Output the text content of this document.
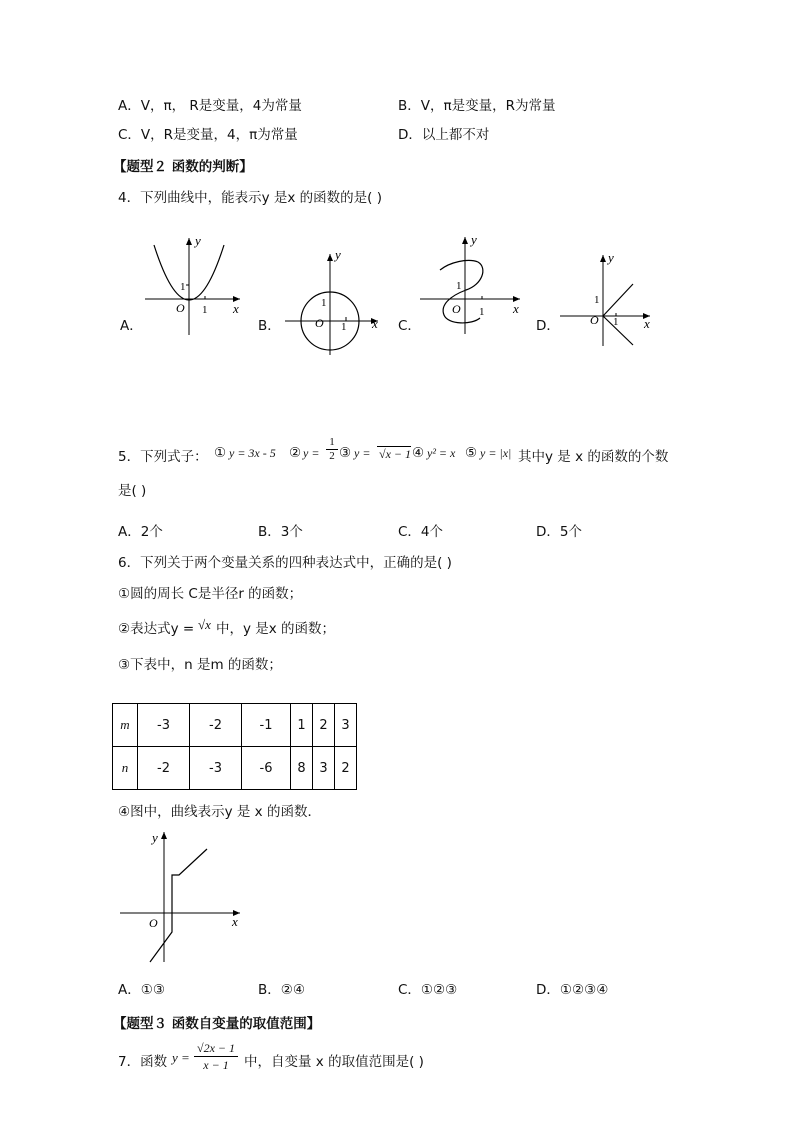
A．V，π， R是变量，4为常量	B．V，π是变量，R为常量
C．V，R是变量，4，π为常量	D．以上都不对
【题型２ 函数的判断】
4．下列曲线中，能表示y 是x 的函数的是( )
y
x
O
1
1
y
x
O
1
1
y
x
O
1
1
y
x
O
1
1
A．	B．	C．	D．
5．下列式子： ① y = 3x - 5 ② $y = \frac{1}{2}$ ③ y = √x − 1 ④ y² = x ⑤ y = |x| 其中y 是 x 的函数的个数
是( )
A．2个	B．3个	C．4个	D．5个
6．下列关于两个变量关系的四种表达式中，正确的是( )
①圆的周长 C是半径r 的函数；
②表达式y = √x 中，y 是x 的函数；
③下表中，n 是m 的函数；
m	-3	-2	-1	1	2	3
n	-2	-3	-6	8	3	2
④图中，曲线表示y 是 x 的函数．
y
x
O
A．①③	B．②④	C．①②③	D．①②③④
【题型３ 函数自变量的取值范围】
7．函数 $y = \frac{√2x - 1}{x - 1}$ 中，自变量 x 的取值范围是( )
